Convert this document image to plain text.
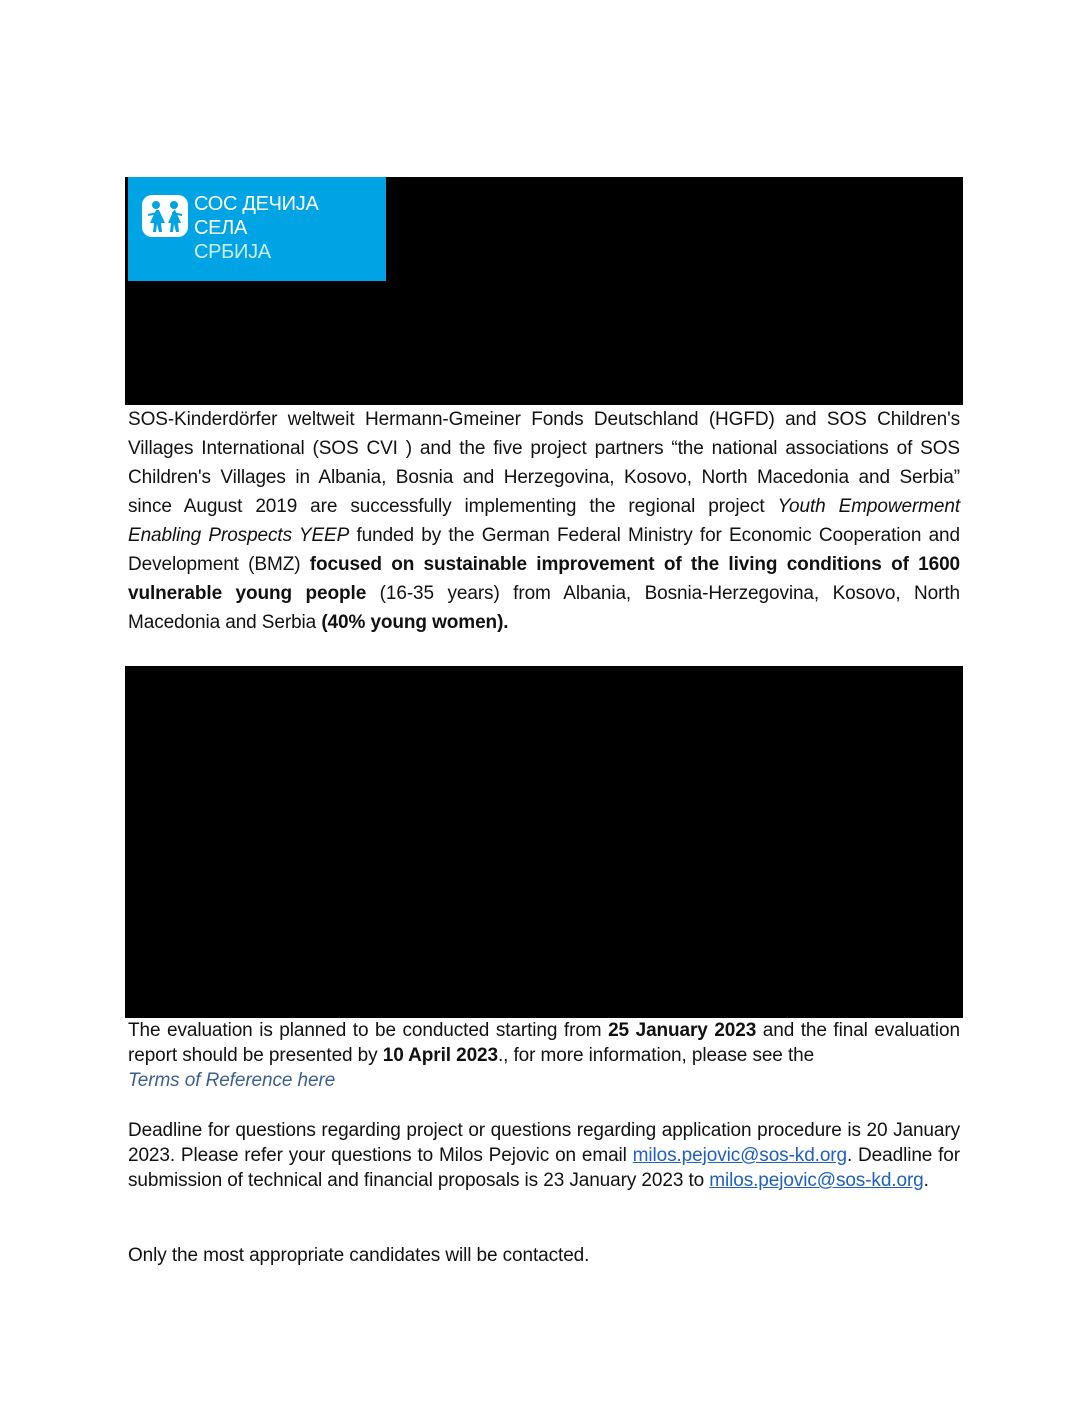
СОС ДЕЧИЈА
СЕЛА
СРБИЈА
SOS-Kinderdörfer weltweit Hermann-Gmeiner Fonds Deutschland (HGFD) and SOS Children's Villages International (SOS CVI ) and the five project partners “the national associations of SOS Children's Villages in Albania, Bosnia and Herzegovina, Kosovo, North Macedonia and Serbia” since August 2019 are successfully implementing the regional project Youth Empowerment Enabling Prospects YEEP funded by the German Federal Ministry for Economic Cooperation and Development (BMZ) focused on sustainable improvement of the living conditions of 1600 vulnerable young people (16-35 years) from Albania, Bosnia-Herzegovina, Kosovo, North Macedonia and Serbia (40% young women).
The evaluation is planned to be conducted starting from 25 January 2023 and the final evaluation report should be presented by 10 April 2023., for more information, please see the
Terms of Reference here
Deadline for questions regarding project or questions regarding application procedure is 20 January 2023. Please refer your questions to Milos Pejovic on email milos.pejovic@sos-kd.org. Deadline for submission of technical and financial proposals is 23 January 2023 to milos.pejovic@sos-kd.org.
Only the most appropriate candidates will be contacted.
